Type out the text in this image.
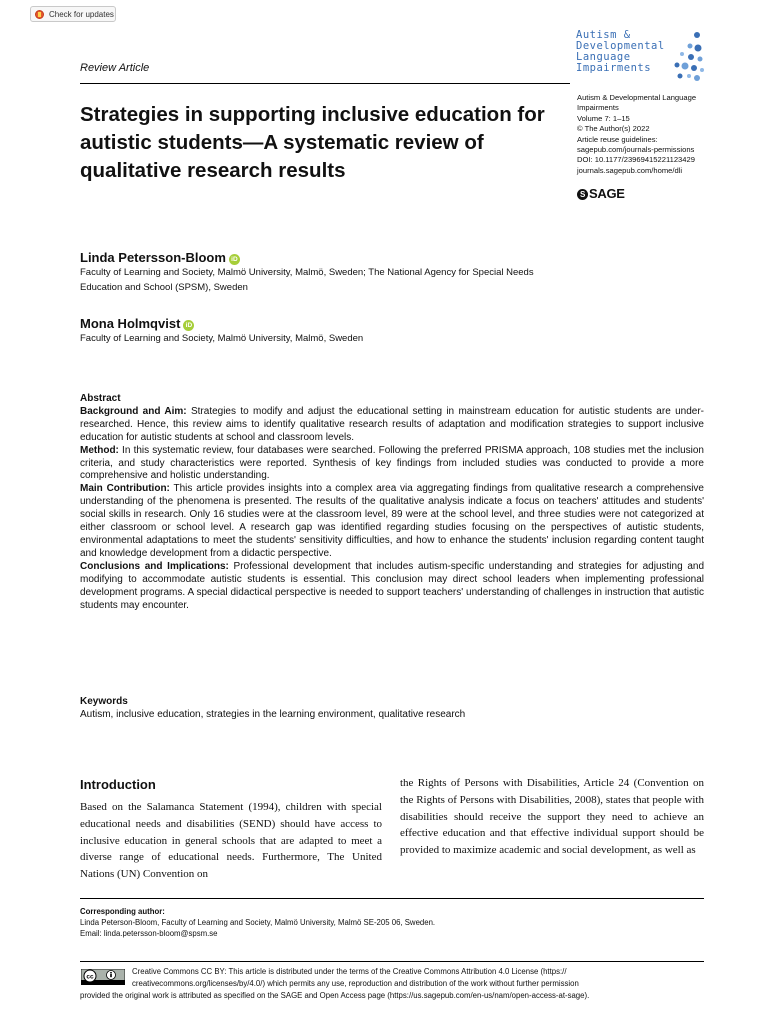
Check for updates
Review Article
Autism &
Developmental
Language
Impairments
Strategies in supporting inclusive education for autistic students—A systematic review of qualitative research results
Autism & Developmental Language
Impairments
Volume 7: 1–15
© The Author(s) 2022
Article reuse guidelines:
sagepub.com/journals-permissions
DOI: 10.1177/23969415221123429
journals.sagepub.com/home/dli
S SAGE
Linda Petersson-Bloom iD
Faculty of Learning and Society, Malmö University, Malmö, Sweden; The National Agency for Special Needs Education and School (SPSM), Sweden
Mona Holmqvist iD
Faculty of Learning and Society, Malmö University, Malmö, Sweden

Abstract

Background and Aim: Strategies to modify and adjust the educational setting in mainstream education for autistic students are under-researched. Hence, this review aims to identify qualitative research results of adaptation and modification strategies to support inclusive education for autistic students at school and classroom levels.

Method: In this systematic review, four databases were searched. Following the preferred PRISMA approach, 108 studies met the inclusion criteria, and study characteristics were reported. Synthesis of key findings from included studies was conducted to provide a more comprehensive and holistic understanding.

Main Contribution: This article provides insights into a complex area via aggregating findings from qualitative research a comprehensive understanding of the phenomena is presented. The results of the qualitative analysis indicate a focus on teachers' attitudes and students' social skills in research. Only 16 studies were at the classroom level, 89 were at the school level, and three studies were not categorized at either classroom or school level. A research gap was identified regarding studies focusing on the perspectives of autistic students, environmental adaptations to meet the students' sensitivity difficulties, and how to enhance the students' inclusion regarding content taught and knowledge development from a didactic perspective.

Conclusions and Implications: Professional development that includes autism-specific understanding and strategies for adjusting and modifying to accommodate autistic students is essential. This conclusion may direct school leaders when implementing professional development programs. A special didactical perspective is needed to support teachers' understanding of challenges in instruction that autistic students may encounter.

Keywords
Autism, inclusive education, strategies in the learning environment, qualitative research
Introduction
Based on the Salamanca Statement (1994), children with special educational needs and disabilities (SEND) should have access to inclusive education in general schools that are adapted to meet a diverse range of educational needs. Furthermore, The United Nations (UN) Convention on
the Rights of Persons with Disabilities, Article 24 (Convention on the Rights of Persons with Disabilities, 2008), states that people with disabilities should receive the support they need to achieve an effective education and that effective individual support should be provided to maximize academic and social development, as well as
Corresponding author:
Linda Peterson-Bloom, Faculty of Learning and Society, Malmö University, Malmö SE-205 06, Sweden.
Email: linda.petersson-bloom@spsm.se
cc
Creative Commons CC BY: This article is distributed under the terms of the Creative Commons Attribution 4.0 License (https://
creativecommons.org/licenses/by/4.0/) which permits any use, reproduction and distribution of the work without further permission
provided the original work is attributed as specified on the SAGE and Open Access page (https://us.sagepub.com/en-us/nam/open-access-at-sage).
